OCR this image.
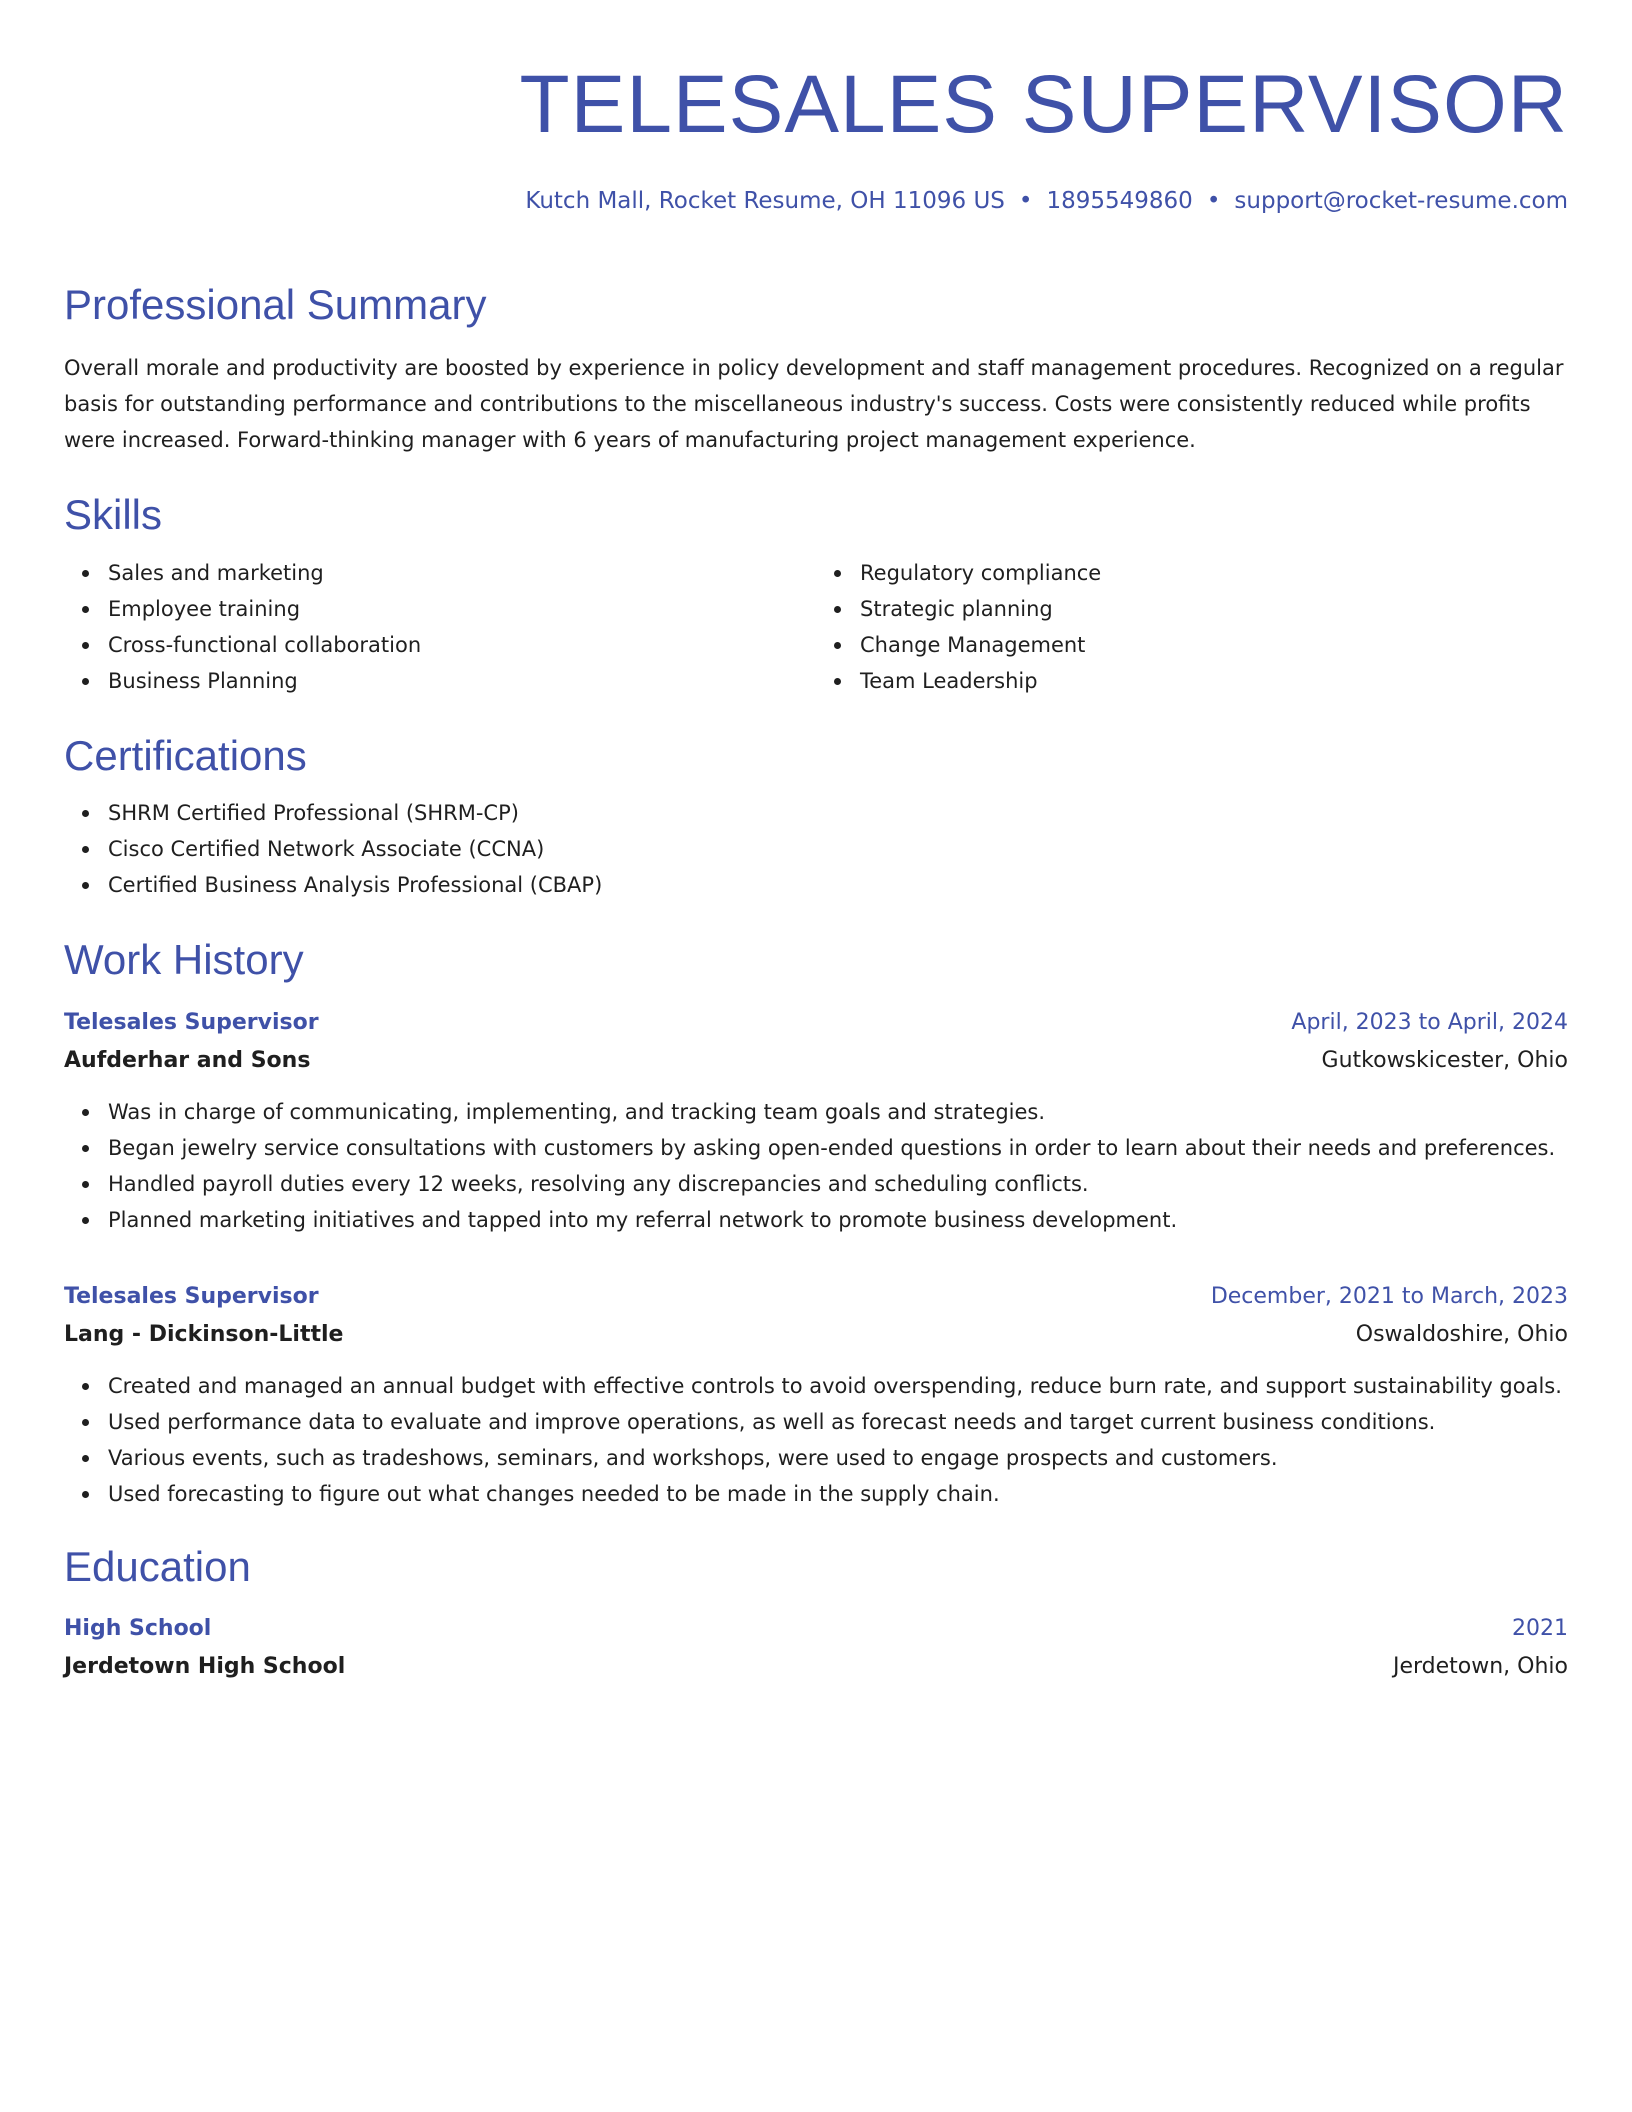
TELESALES SUPERVISOR
Kutch Mall, Rocket Resume, OH 11096 US • 1895549860 • support@rocket-resume.com
Professional Summary

Overall morale and productivity are boosted by experience in policy development and staff management procedures. Recognized on a regular basis for outstanding performance and contributions to the miscellaneous industry's success. Costs were consistently reduced while profits were increased. Forward-thinking manager with 6 years of manufacturing project management experience.

Skills
Sales and marketing
Employee training
Cross-functional collaboration
Business Planning
Regulatory compliance
Strategic planning
Change Management
Team Leadership
Certifications
SHRM Certified Professional (SHRM-CP)
Cisco Certified Network Associate (CCNA)
Certified Business Analysis Professional (CBAP)
Work History
Telesales Supervisor	April, 2023 to April, 2024
Aufderhar and Sons	Gutkowskicester, Ohio
Was in charge of communicating, implementing, and tracking team goals and strategies.
Began jewelry service consultations with customers by asking open-ended questions in order to learn about their needs and preferences.
Handled payroll duties every 12 weeks, resolving any discrepancies and scheduling conflicts.
Planned marketing initiatives and tapped into my referral network to promote business development.
Telesales Supervisor	December, 2021 to March, 2023
Lang - Dickinson-Little	Oswaldoshire, Ohio
Created and managed an annual budget with effective controls to avoid overspending, reduce burn rate, and support sustainability goals.
Used performance data to evaluate and improve operations, as well as forecast needs and target current business conditions.
Various events, such as tradeshows, seminars, and workshops, were used to engage prospects and customers.
Used forecasting to figure out what changes needed to be made in the supply chain.
Education
High School	2021
Jerdetown High School	Jerdetown, Ohio
